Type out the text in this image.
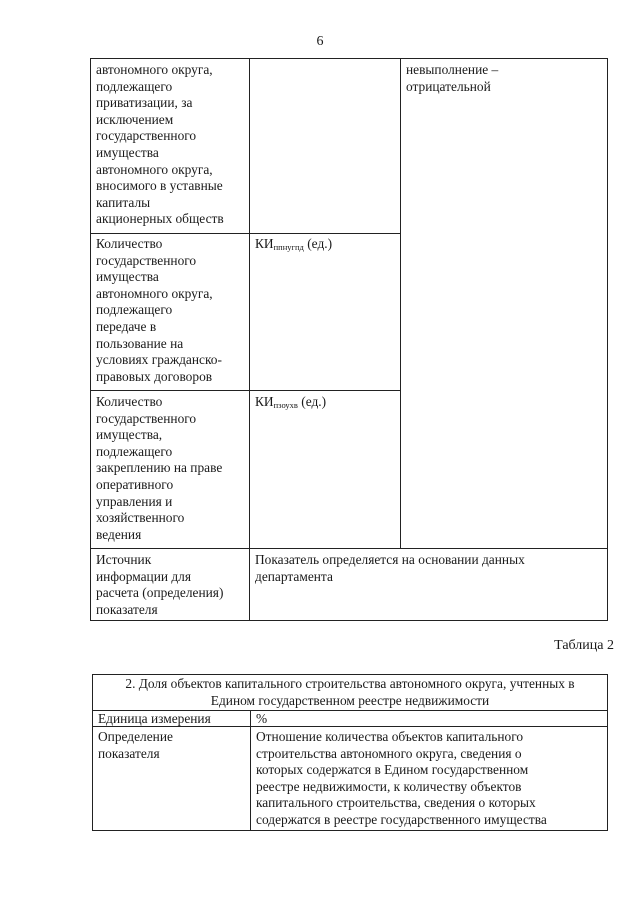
6
автономного округа,
подлежащего
приватизации, за
исключением
государственного
имущества
автономного округа,
вносимого в уставные
капиталы
акционерных обществ
невыполнение –
отрицательной
Количество
государственного
имущества
автономного округа,
подлежащего
передаче в
пользование на
условиях гражданско-
правовых договоров
$КИ_{ппнугпд}$ (ед.)
Количество
государственного
имущества,
подлежащего
закреплению на праве
оперативного
управления и
хозяйственного
ведения
$КИ_{пзоухв}$ (ед.)
Источник
информации для
расчета (определения)
показателя
Показатель определяется на основании данных
департамента
Таблица 2
2. Доля объектов капитального строительства автономного округа, учтенных в
Едином государственном реестре недвижимости
Единица измерения	%
Определение
показателя
Отношение количества объектов капитального
строительства автономного округа, сведения о
которых содержатся в Едином государственном
реестре недвижимости, к количеству объектов
капитального строительства, сведения о которых
содержатся в реестре государственного имущества
